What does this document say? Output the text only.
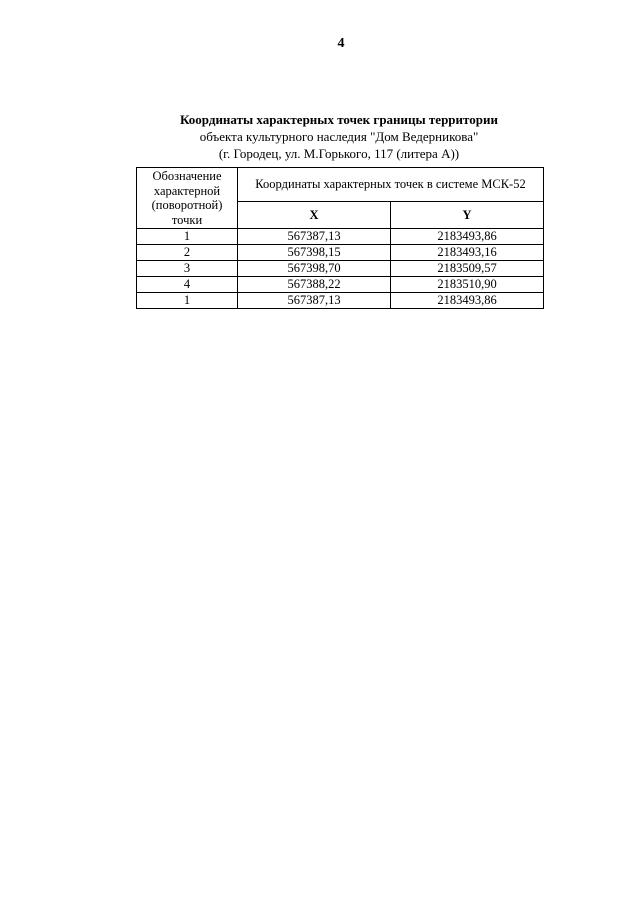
4
Координаты характерных точек границы территории
объекта культурного наследия "Дом Ведерникова"
(г. Городец, ул. М.Горького, 117 (литера А))
Обозначение характерной (поворотной) точки	Координаты характерных точек в системе МСК-52	
	X	Y
1	567387,13	2183493,86
2	567398,15	2183493,16
3	567398,70	2183509,57
4	567388,22	2183510,90
1	567387,13	2183493,86
